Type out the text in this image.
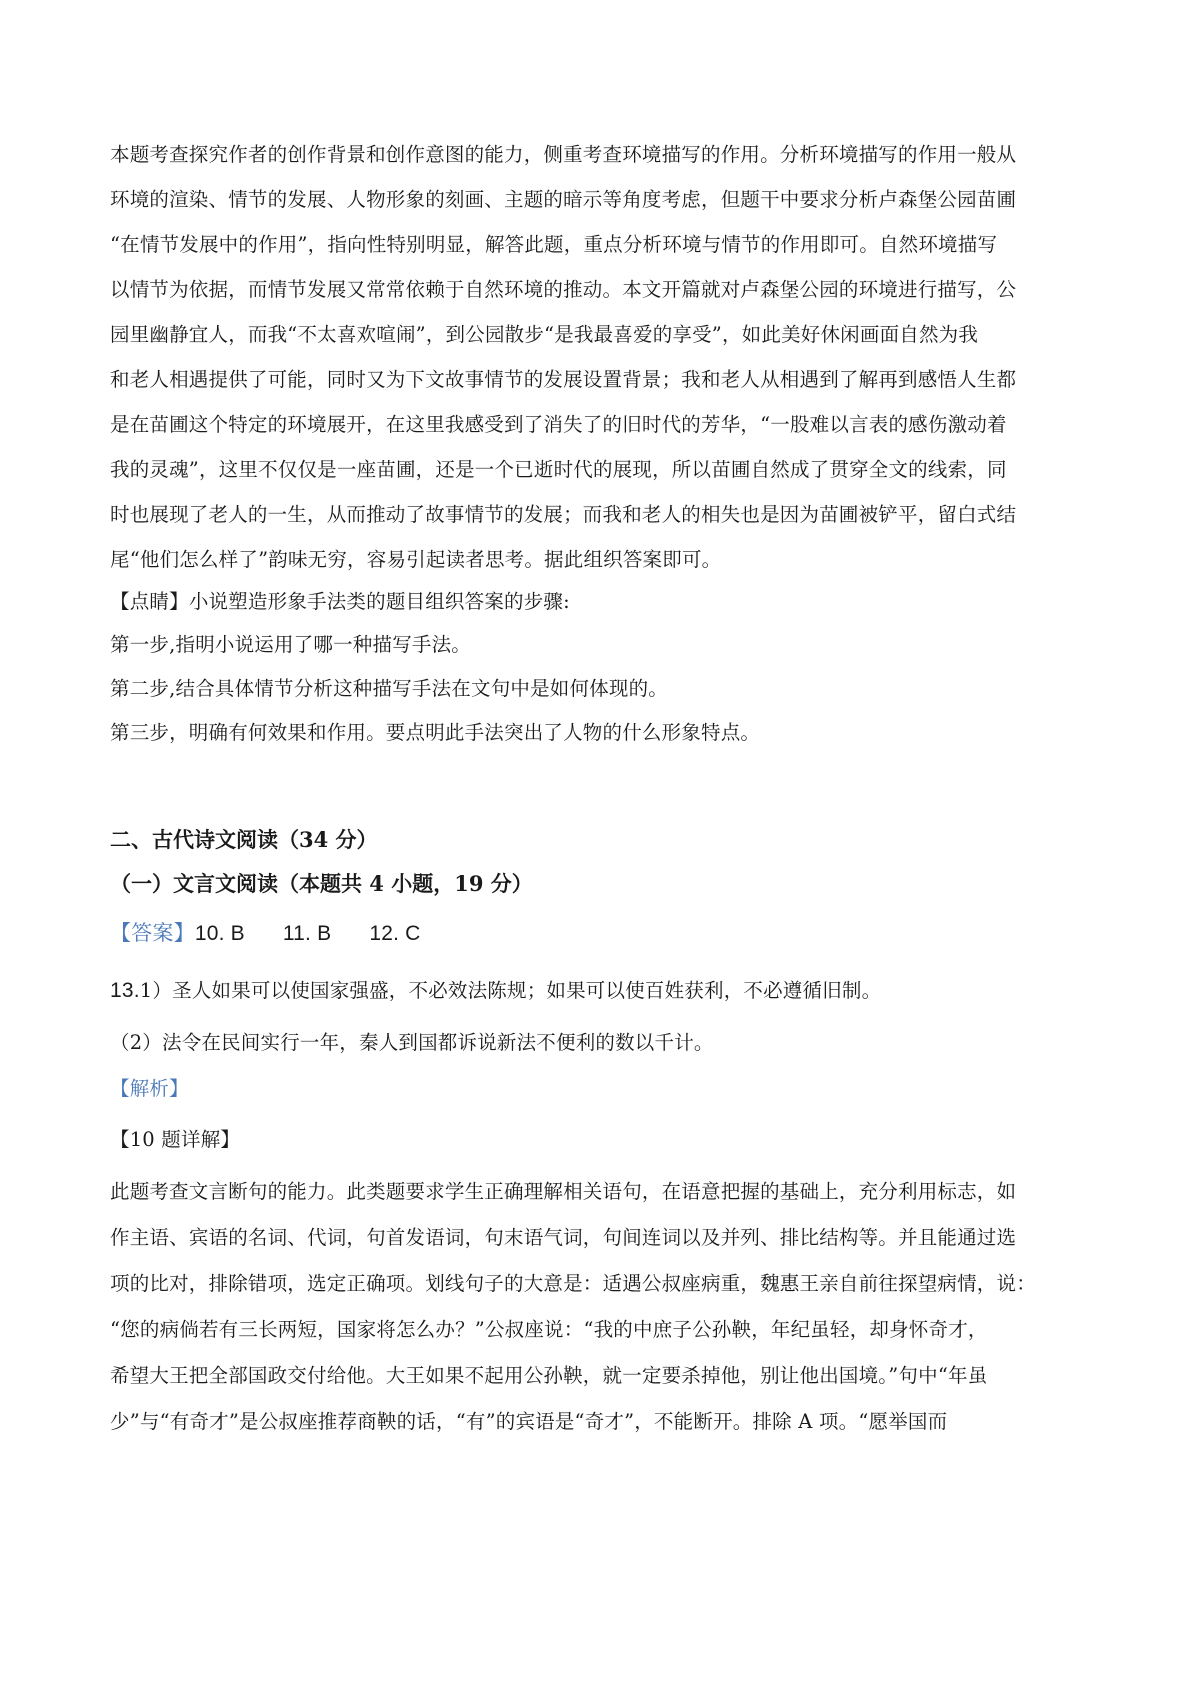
本题考查探究作者的创作背景和创作意图的能力，侧重考查环境描写的作用。分析环境描写的作用一般从
环境的渲染、情节的发展、人物形象的刻画、主题的暗示等角度考虑，但题干中要求分析卢森堡公园苗圃
“在情节发展中的作用”，指向性特别明显，解答此题，重点分析环境与情节的作用即可。自然环境描写
以情节为依据，而情节发展又常常依赖于自然环境的推动。本文开篇就对卢森堡公园的环境进行描写，公
园里幽静宜人，而我“不太喜欢喧闹”，到公园散步“是我最喜爱的享受”，如此美好休闲画面自然为我
和老人相遇提供了可能，同时又为下文故事情节的发展设置背景；我和老人从相遇到了解再到感悟人生都
是在苗圃这个特定的环境展开，在这里我感受到了消失了的旧时代的芳华，“一股难以言表的感伤激动着
我的灵魂”，这里不仅仅是一座苗圃，还是一个已逝时代的展现，所以苗圃自然成了贯穿全文的线索，同
时也展现了老人的一生，从而推动了故事情节的发展；而我和老人的相失也是因为苗圃被铲平，留白式结
尾“他们怎么样了”韵味无穷，容易引起读者思考。据此组织答案即可。
【点睛】小说塑造形象手法类的题目组织答案的步骤:
第一步,指明小说运用了哪一种描写手法。
第二步,结合具体情节分析这种描写手法在文句中是如何体现的。
第三步，明确有何效果和作用。要点明此手法突出了人物的什么形象特点。
二、古代诗文阅读（34 分）
（一）文言文阅读（本题共 4 小题，19 分）
【答案】10. B 11. B 12. C
13.1）圣人如果可以使国家强盛，不必效法陈规；如果可以使百姓获利，不必遵循旧制。
（2）法令在民间实行一年，秦人到国都诉说新法不便利的数以千计。
【解析】
【10 题详解】
此题考查文言断句的能力。此类题要求学生正确理解相关语句，在语意把握的基础上，充分利用标志，如
作主语、宾语的名词、代词，句首发语词，句末语气词，句间连词以及并列、排比结构等。并且能通过选
项的比对，排除错项，选定正确项。划线句子的大意是：适遇公叔座病重，魏惠王亲自前往探望病情，说：
“您的病倘若有三长两短，国家将怎么办？”公叔座说：“我的中庶子公孙鞅，年纪虽轻，却身怀奇才，
希望大王把全部国政交付给他。大王如果不起用公孙鞅，就一定要杀掉他，别让他出国境。”句中“年虽
少”与“有奇才”是公叔座推荐商鞅的话，“有”的宾语是“奇才”，不能断开。排除 A 项。“愿举国而
